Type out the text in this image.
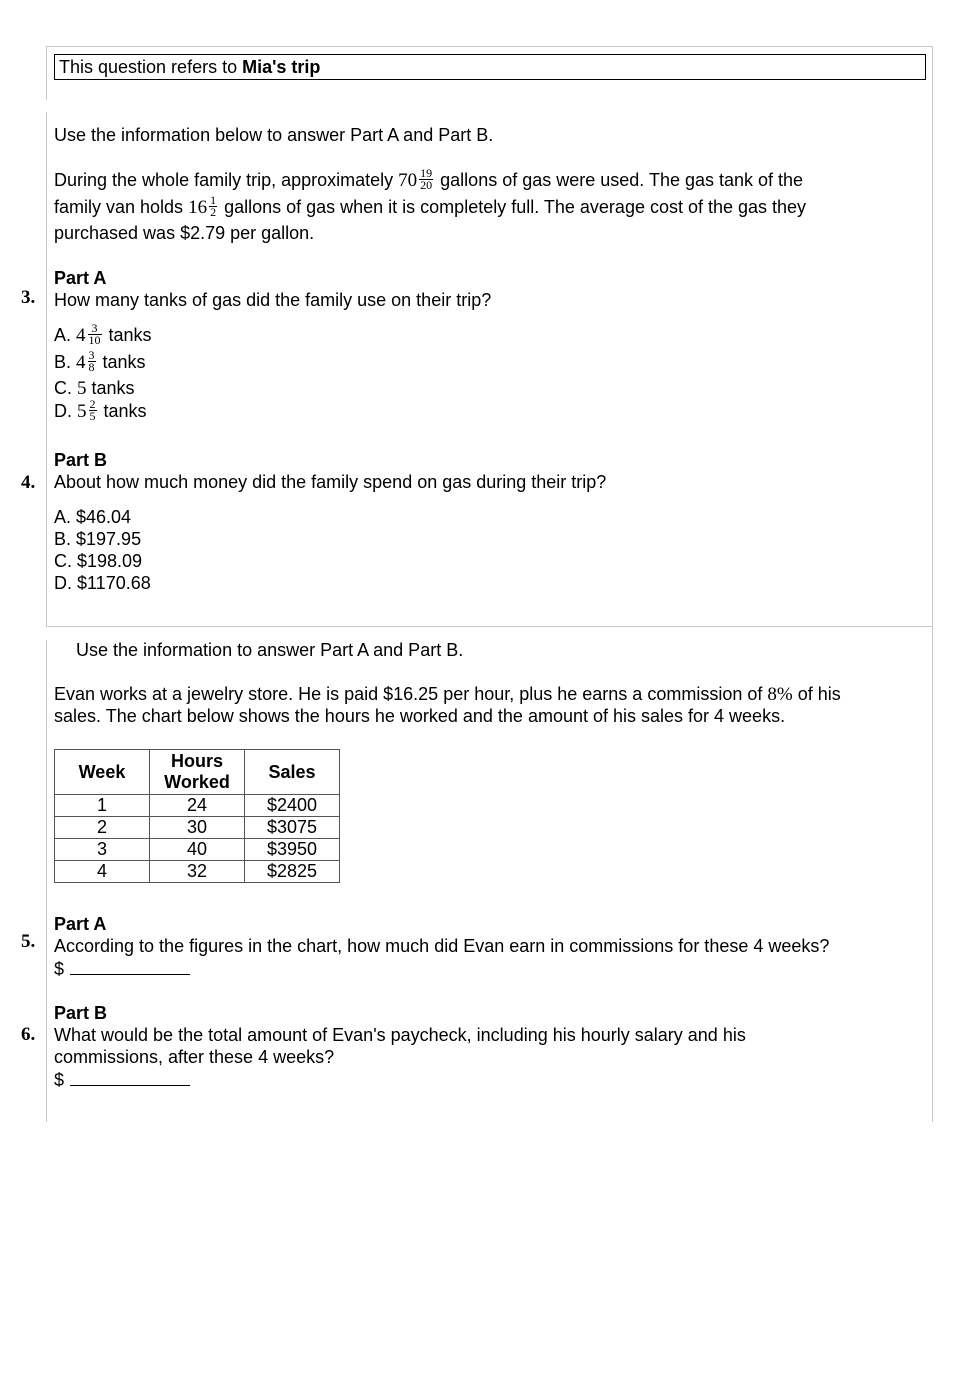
This question refers to Mia's trip
Use the information below to answer Part A and Part B.
During the whole family trip, approximately $70 \frac{19}{20}$ gallons of gas were used. The gas tank of the
family van holds $16 \frac{1}{2}$ gallons of gas when it is completely full. The average cost of the gas they
purchased was $2.79 per gallon.
Part A
3. How many tanks of gas did the family use on their trip?
A. $4 \frac{3}{10}$ tanks
B. $4 \frac{3}{8}$ tanks
C. 5 tanks
D. $5 \frac{2}{5}$ tanks
Part B
4. About how much money did the family spend on gas during their trip?
A. $46.04
B. $197.95
C. $198.09
D. $1170.68
Use the information to answer Part A and Part B.
Evan works at a jewelry store. He is paid $16.25 per hour, plus he earns a commission of 8% of his
sales. The chart below shows the hours he worked and the amount of his sales for 4 weeks.
Week	Hours Worked	Sales
1	24	$2400
2	30	$3075
3	40	$3950
4	32	$2825
Part A
5. According to the figures in the chart, how much did Evan earn in commissions for these 4 weeks?
$
Part B
6. What would be the total amount of Evan's paycheck, including his hourly salary and his
commissions, after these 4 weeks?
$
